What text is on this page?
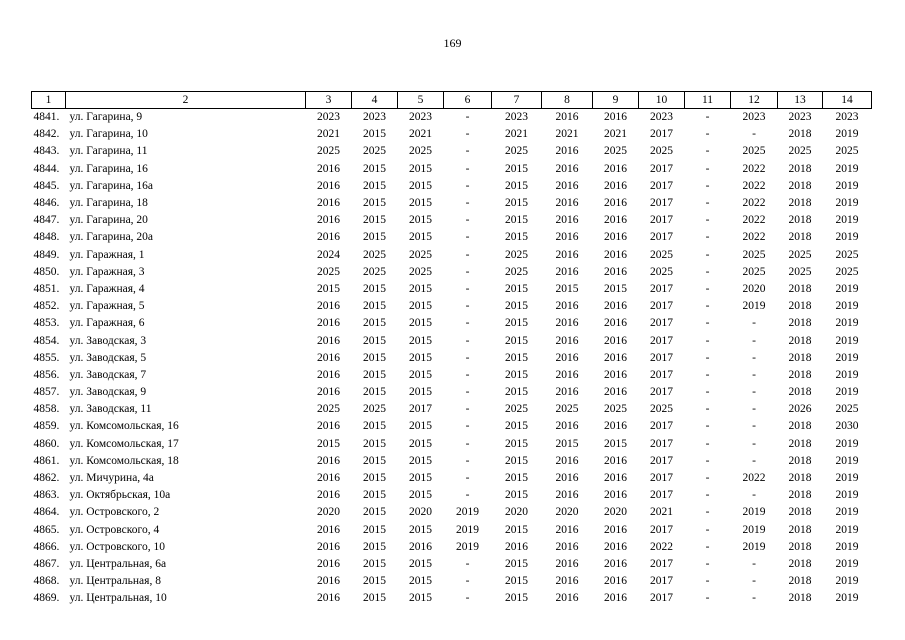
169
1	2	3	4	5	6	7	8	9	10	11	12	13	14
4841.	ул. Гагарина, 9	2023	2023	2023	-	2023	2016	2016	2023	-	2023	2023	2023
4842.	ул. Гагарина, 10	2021	2015	2021	-	2021	2021	2021	2017	-	-	2018	2019
4843.	ул. Гагарина, 11	2025	2025	2025	-	2025	2016	2025	2025	-	2025	2025	2025
4844.	ул. Гагарина, 16	2016	2015	2015	-	2015	2016	2016	2017	-	2022	2018	2019
4845.	ул. Гагарина, 16а	2016	2015	2015	-	2015	2016	2016	2017	-	2022	2018	2019
4846.	ул. Гагарина, 18	2016	2015	2015	-	2015	2016	2016	2017	-	2022	2018	2019
4847.	ул. Гагарина, 20	2016	2015	2015	-	2015	2016	2016	2017	-	2022	2018	2019
4848.	ул. Гагарина, 20а	2016	2015	2015	-	2015	2016	2016	2017	-	2022	2018	2019
4849.	ул. Гаражная, 1	2024	2025	2025	-	2025	2016	2016	2025	-	2025	2025	2025
4850.	ул. Гаражная, 3	2025	2025	2025	-	2025	2016	2016	2025	-	2025	2025	2025
4851.	ул. Гаражная, 4	2015	2015	2015	-	2015	2015	2015	2017	-	2020	2018	2019
4852.	ул. Гаражная, 5	2016	2015	2015	-	2015	2016	2016	2017	-	2019	2018	2019
4853.	ул. Гаражная, 6	2016	2015	2015	-	2015	2016	2016	2017	-	-	2018	2019
4854.	ул. Заводская, 3	2016	2015	2015	-	2015	2016	2016	2017	-	-	2018	2019
4855.	ул. Заводская, 5	2016	2015	2015	-	2015	2016	2016	2017	-	-	2018	2019
4856.	ул. Заводская, 7	2016	2015	2015	-	2015	2016	2016	2017	-	-	2018	2019
4857.	ул. Заводская, 9	2016	2015	2015	-	2015	2016	2016	2017	-	-	2018	2019
4858.	ул. Заводская, 11	2025	2025	2017	-	2025	2025	2025	2025	-	-	2026	2025
4859.	ул. Комсомольская, 16	2016	2015	2015	-	2015	2016	2016	2017	-	-	2018	2030
4860.	ул. Комсомольская, 17	2015	2015	2015	-	2015	2015	2015	2017	-	-	2018	2019
4861.	ул. Комсомольская, 18	2016	2015	2015	-	2015	2016	2016	2017	-	-	2018	2019
4862.	ул. Мичурина, 4а	2016	2015	2015	-	2015	2016	2016	2017	-	2022	2018	2019
4863.	ул. Октябрьская, 10а	2016	2015	2015	-	2015	2016	2016	2017	-	-	2018	2019
4864.	ул. Островского, 2	2020	2015	2020	2019	2020	2020	2020	2021	-	2019	2018	2019
4865.	ул. Островского, 4	2016	2015	2015	2019	2015	2016	2016	2017	-	2019	2018	2019
4866.	ул. Островского, 10	2016	2015	2016	2019	2016	2016	2016	2022	-	2019	2018	2019
4867.	ул. Центральная, 6а	2016	2015	2015	-	2015	2016	2016	2017	-	-	2018	2019
4868.	ул. Центральная, 8	2016	2015	2015	-	2015	2016	2016	2017	-	-	2018	2019
4869.	ул. Центральная, 10	2016	2015	2015	-	2015	2016	2016	2017	-	-	2018	2019
